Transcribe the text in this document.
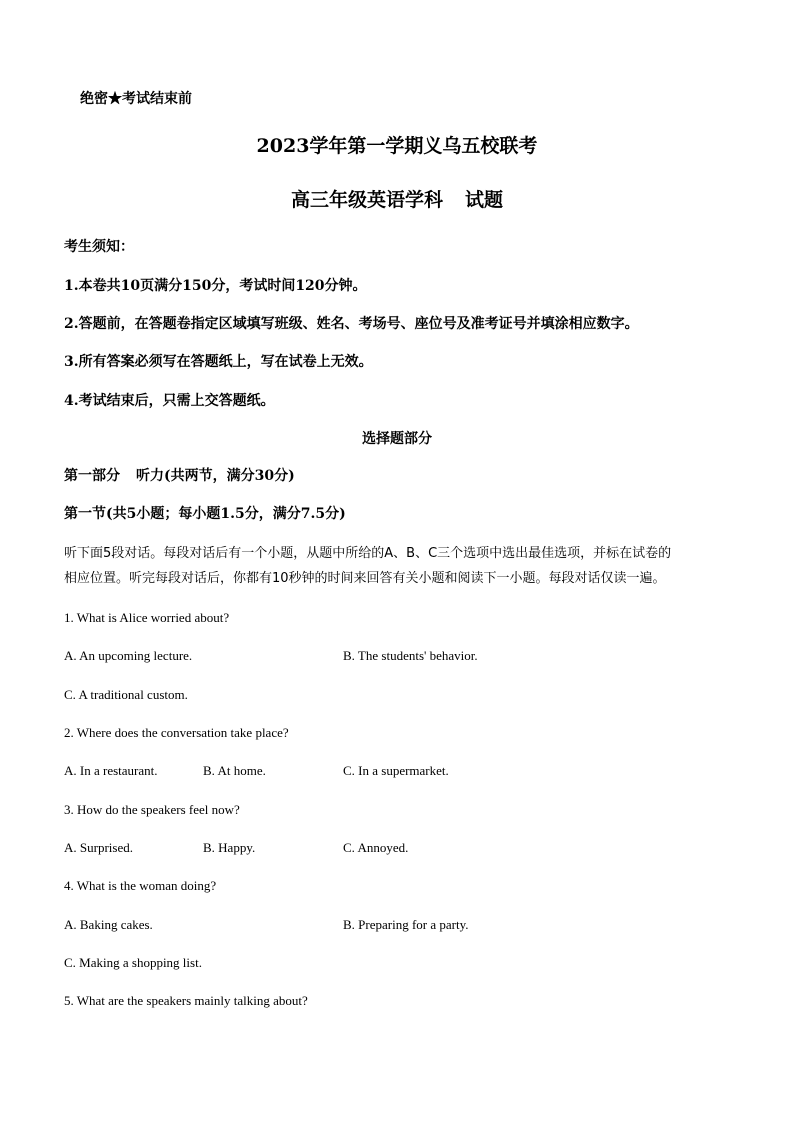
绝密★考试结束前
2023学年第一学期义乌五校联考
高三年级英语学科 试题
考生须知：
1.本卷共10页满分150分，考试时间120分钟。
2.答题前，在答题卷指定区域填写班级、姓名、考场号、座位号及准考证号并填涂相应数字。
3.所有答案必须写在答题纸上，写在试卷上无效。
4.考试结束后，只需上交答题纸。
选择题部分
第一部分 听力(共两节，满分30分)
第一节(共5小题；每小题1.5分，满分7.5分)
听下面5段对话。每段对话后有一个小题，从题中所给的A、B、C三个选项中选出最佳选项，并标在试卷的
相应位置。听完每段对话后，你都有10秒钟的时间来回答有关小题和阅读下一小题。每段对话仅读一遍。
1. What is Alice worried about?
A. An upcoming lecture.	B. The students' behavior.
C. A traditional custom.
2. Where does the conversation take place?
A. In a restaurant.	B. At home.	C. In a supermarket.
3. How do the speakers feel now?
A. Surprised.	B. Happy.	C. Annoyed.
4. What is the woman doing?
A. Baking cakes.	B. Preparing for a party.
C. Making a shopping list.
5. What are the speakers mainly talking about?
